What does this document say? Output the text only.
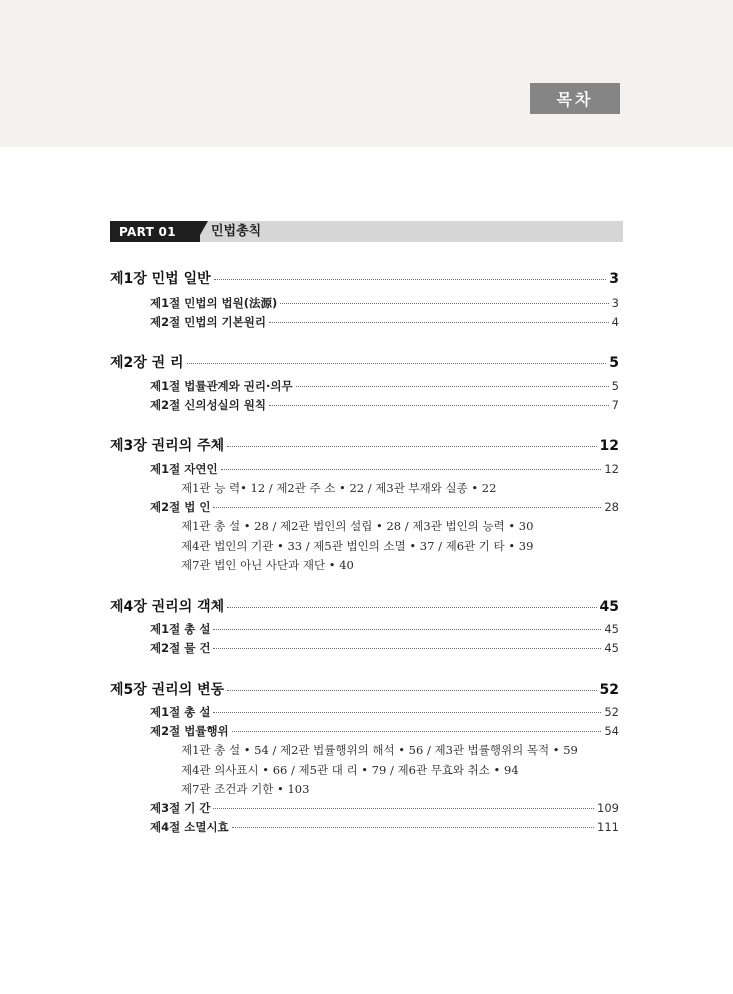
목차
PART 01	민법총칙
제1장 민법 일반	3
제1절 민법의 법원(法源)	3
제2절 민법의 기본원리	4
제2장 권 리	5
제1절 법률관계와 권리·의무	5
제2절 신의성실의 원칙	7
제3장 권리의 주체	12
제1절 자연인	12
제1관 능 력• 12 / 제2관 주 소 • 22 / 제3관 부재와 실종 • 22
제2절 법 인	28
제1관 총 설 • 28 / 제2관 법인의 설립 • 28 / 제3관 법인의 능력 • 30
제4관 법인의 기관 • 33 / 제5관 법인의 소멸 • 37 / 제6관 기 타 • 39
제7관 법인 아닌 사단과 재단 • 40
제4장 권리의 객체	45
제1절 총 설	45
제2절 물 건	45
제5장 권리의 변동	52
제1절 총 설	52
제2절 법률행위	54
제1관 총 설 • 54 / 제2관 법률행위의 해석 • 56 / 제3관 법률행위의 목적 • 59
제4관 의사표시 • 66 / 제5관 대 리 • 79 / 제6관 무효와 취소 • 94
제7관 조건과 기한 • 103
제3절 기 간	109
제4절 소멸시효	111
